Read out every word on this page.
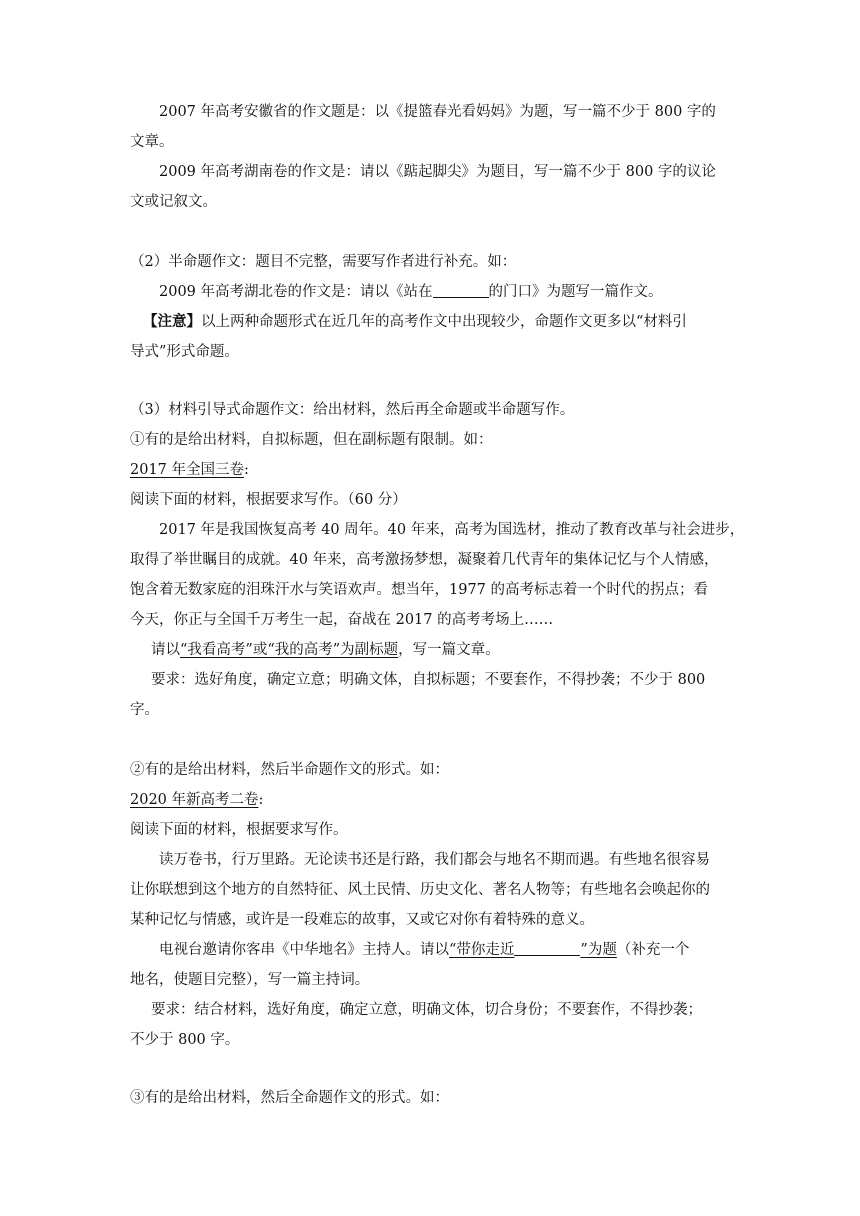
2007 年高考安徽省的作文题是：以《提篮春光看妈妈》为题，写一篇不少于 800 字的
文章。
2009 年高考湖南卷的作文是：请以《踮起脚尖》为题目，写一篇不少于 800 字的议论
文或记叙文。
（2）半命题作文：题目不完整，需要写作者进行补充。如：
2009 年高考湖北卷的作文是：请以《站在	的门口》为题写一篇作文。
【注意】以上两种命题形式在近几年的高考作文中出现较少，命题作文更多以“材料引
导式”形式命题。
（3）材料引导式命题作文：给出材料，然后再全命题或半命题写作。
①有的是给出材料，自拟标题，但在副标题有限制。如：
2017 年全国三卷:
阅读下面的材料，根据要求写作。（60 分）
2017 年是我国恢复高考 40 周年。40 年来，高考为国选材，推动了教育改革与社会进步，
取得了举世瞩目的成就。40 年来，高考激扬梦想，凝聚着几代青年的集体记忆与个人情感，
饱含着无数家庭的泪珠汗水与笑语欢声。想当年，1977 的高考标志着一个时代的拐点；看
今天，你正与全国千万考生一起，奋战在 2017 的高考考场上……
请以“我看高考”或“我的高考”为副标题，写一篇文章。
要求：选好角度，确定立意；明确文体，自拟标题；不要套作，不得抄袭；不少于 800
字。
②有的是给出材料，然后半命题作文的形式。如：
2020 年新高考二卷:
阅读下面的材料，根据要求写作。
读万卷书，行万里路。无论读书还是行路，我们都会与地名不期而遇。有些地名很容易
让你联想到这个地方的自然特征、风土民情、历史文化、著名人物等；有些地名会唤起你的
某种记忆与情感，或许是一段难忘的故事，又或它对你有着特殊的意义。
电视台邀请你客串《中华地名》主持人。请以“带你走近	”为题（补充一个
地名，使题目完整），写一篇主持词。
要求：结合材料，选好角度，确定立意，明确文体，切合身份；不要套作，不得抄袭；
不少于 800 字。
③有的是给出材料，然后全命题作文的形式。如：
